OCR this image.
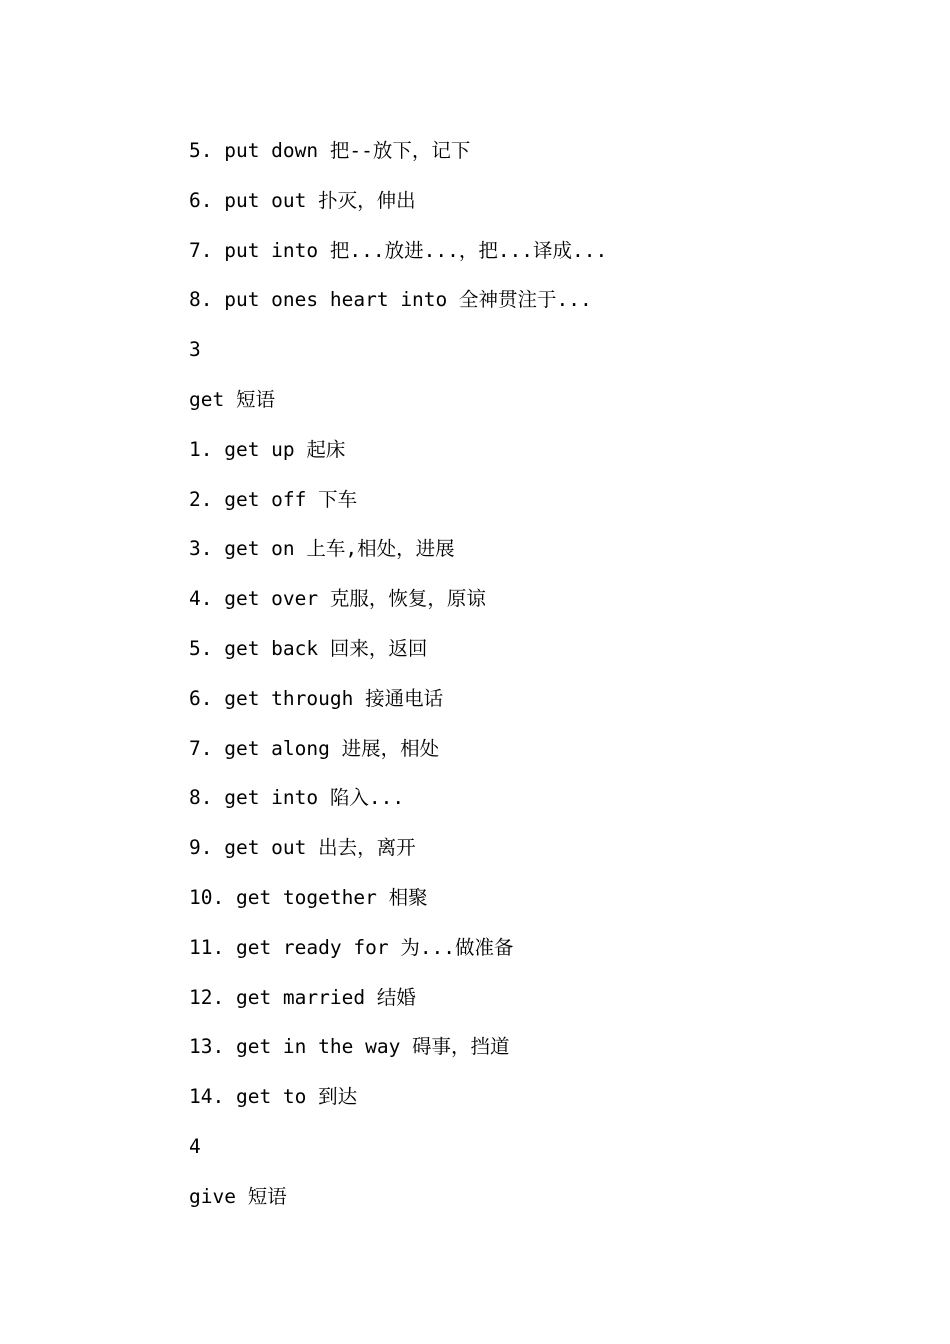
5. put down 把--放下，记下
6. put out 扑灭，伸出
7. put into 把...放进...，把...译成...
8. put ones heart into 全神贯注于...
3
get 短语
1. get up 起床
2. get off 下车
3. get on 上车,相处，进展
4. get over 克服，恢复，原谅
5. get back 回来，返回
6. get through 接通电话
7. get along 进展，相处
8. get into 陷入...
9. get out 出去，离开
10. get together 相聚
11. get ready for 为...做准备
12. get married 结婚
13. get in the way 碍事，挡道
14. get to 到达
4
give 短语
